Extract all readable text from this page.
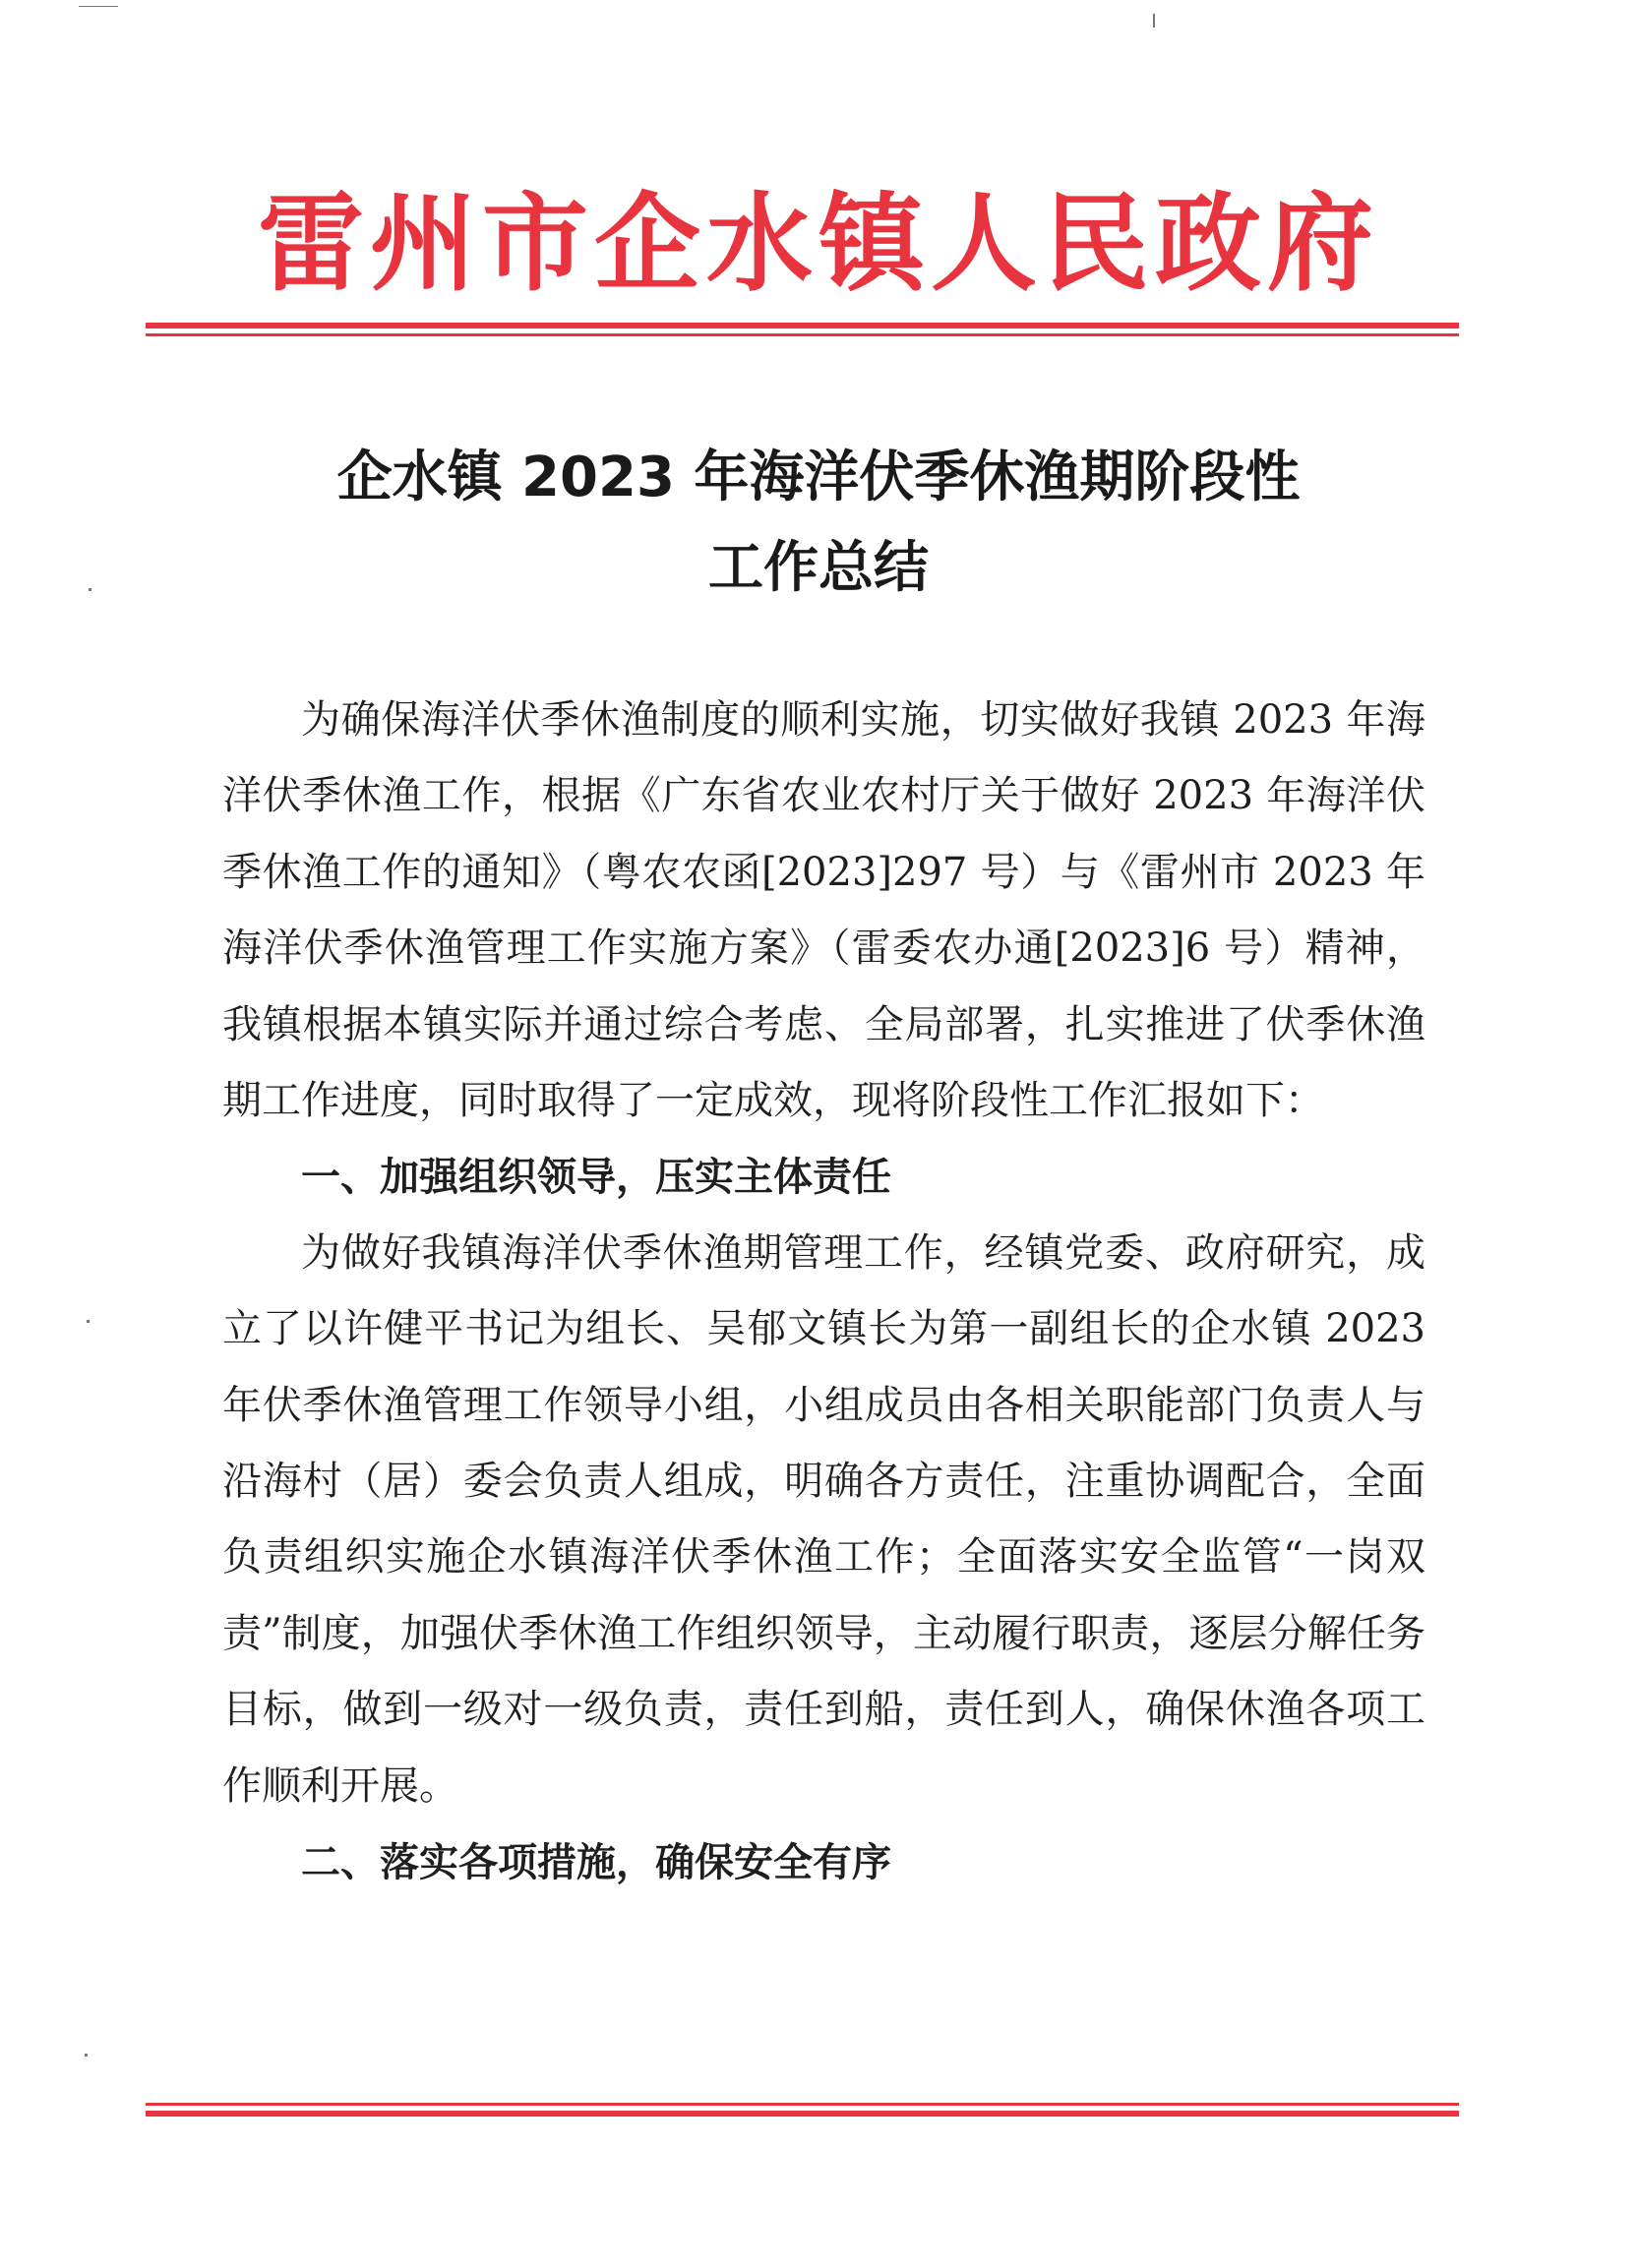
雷州市企水镇人民政府
企水镇 2023 年海洋伏季休渔期阶段性
工作总结

为确保海洋伏季休渔制度的顺利实施，切实做好我镇 2023 年海洋伏季休渔工作，根据《广东省农业农村厅关于做好 2023 年海洋伏季休渔工作的通知》（粤农农函[2023]297 号）与《雷州市 2023 年海洋伏季休渔管理工作实施方案》（雷委农办通[2023]6 号）精神，我镇根据本镇实际并通过综合考虑、全局部署，扎实推进了伏季休渔期工作进度，同时取得了一定成效，现将阶段性工作汇报如下：

一、加强组织领导，压实主体责任

为做好我镇海洋伏季休渔期管理工作，经镇党委、政府研究，成立了以许健平书记为组长、吴郁文镇长为第一副组长的企水镇 2023 年伏季休渔管理工作领导小组，小组成员由各相关职能部门负责人与沿海村（居）委会负责人组成，明确各方责任，注重协调配合，全面负责组织实施企水镇海洋伏季休渔工作；全面落实安全监管“一岗双责”制度，加强伏季休渔工作组织领导，主动履行职责，逐层分解任务目标，做到一级对一级负责，责任到船，责任到人，确保休渔各项工作顺利开展。

二、落实各项措施，确保安全有序
